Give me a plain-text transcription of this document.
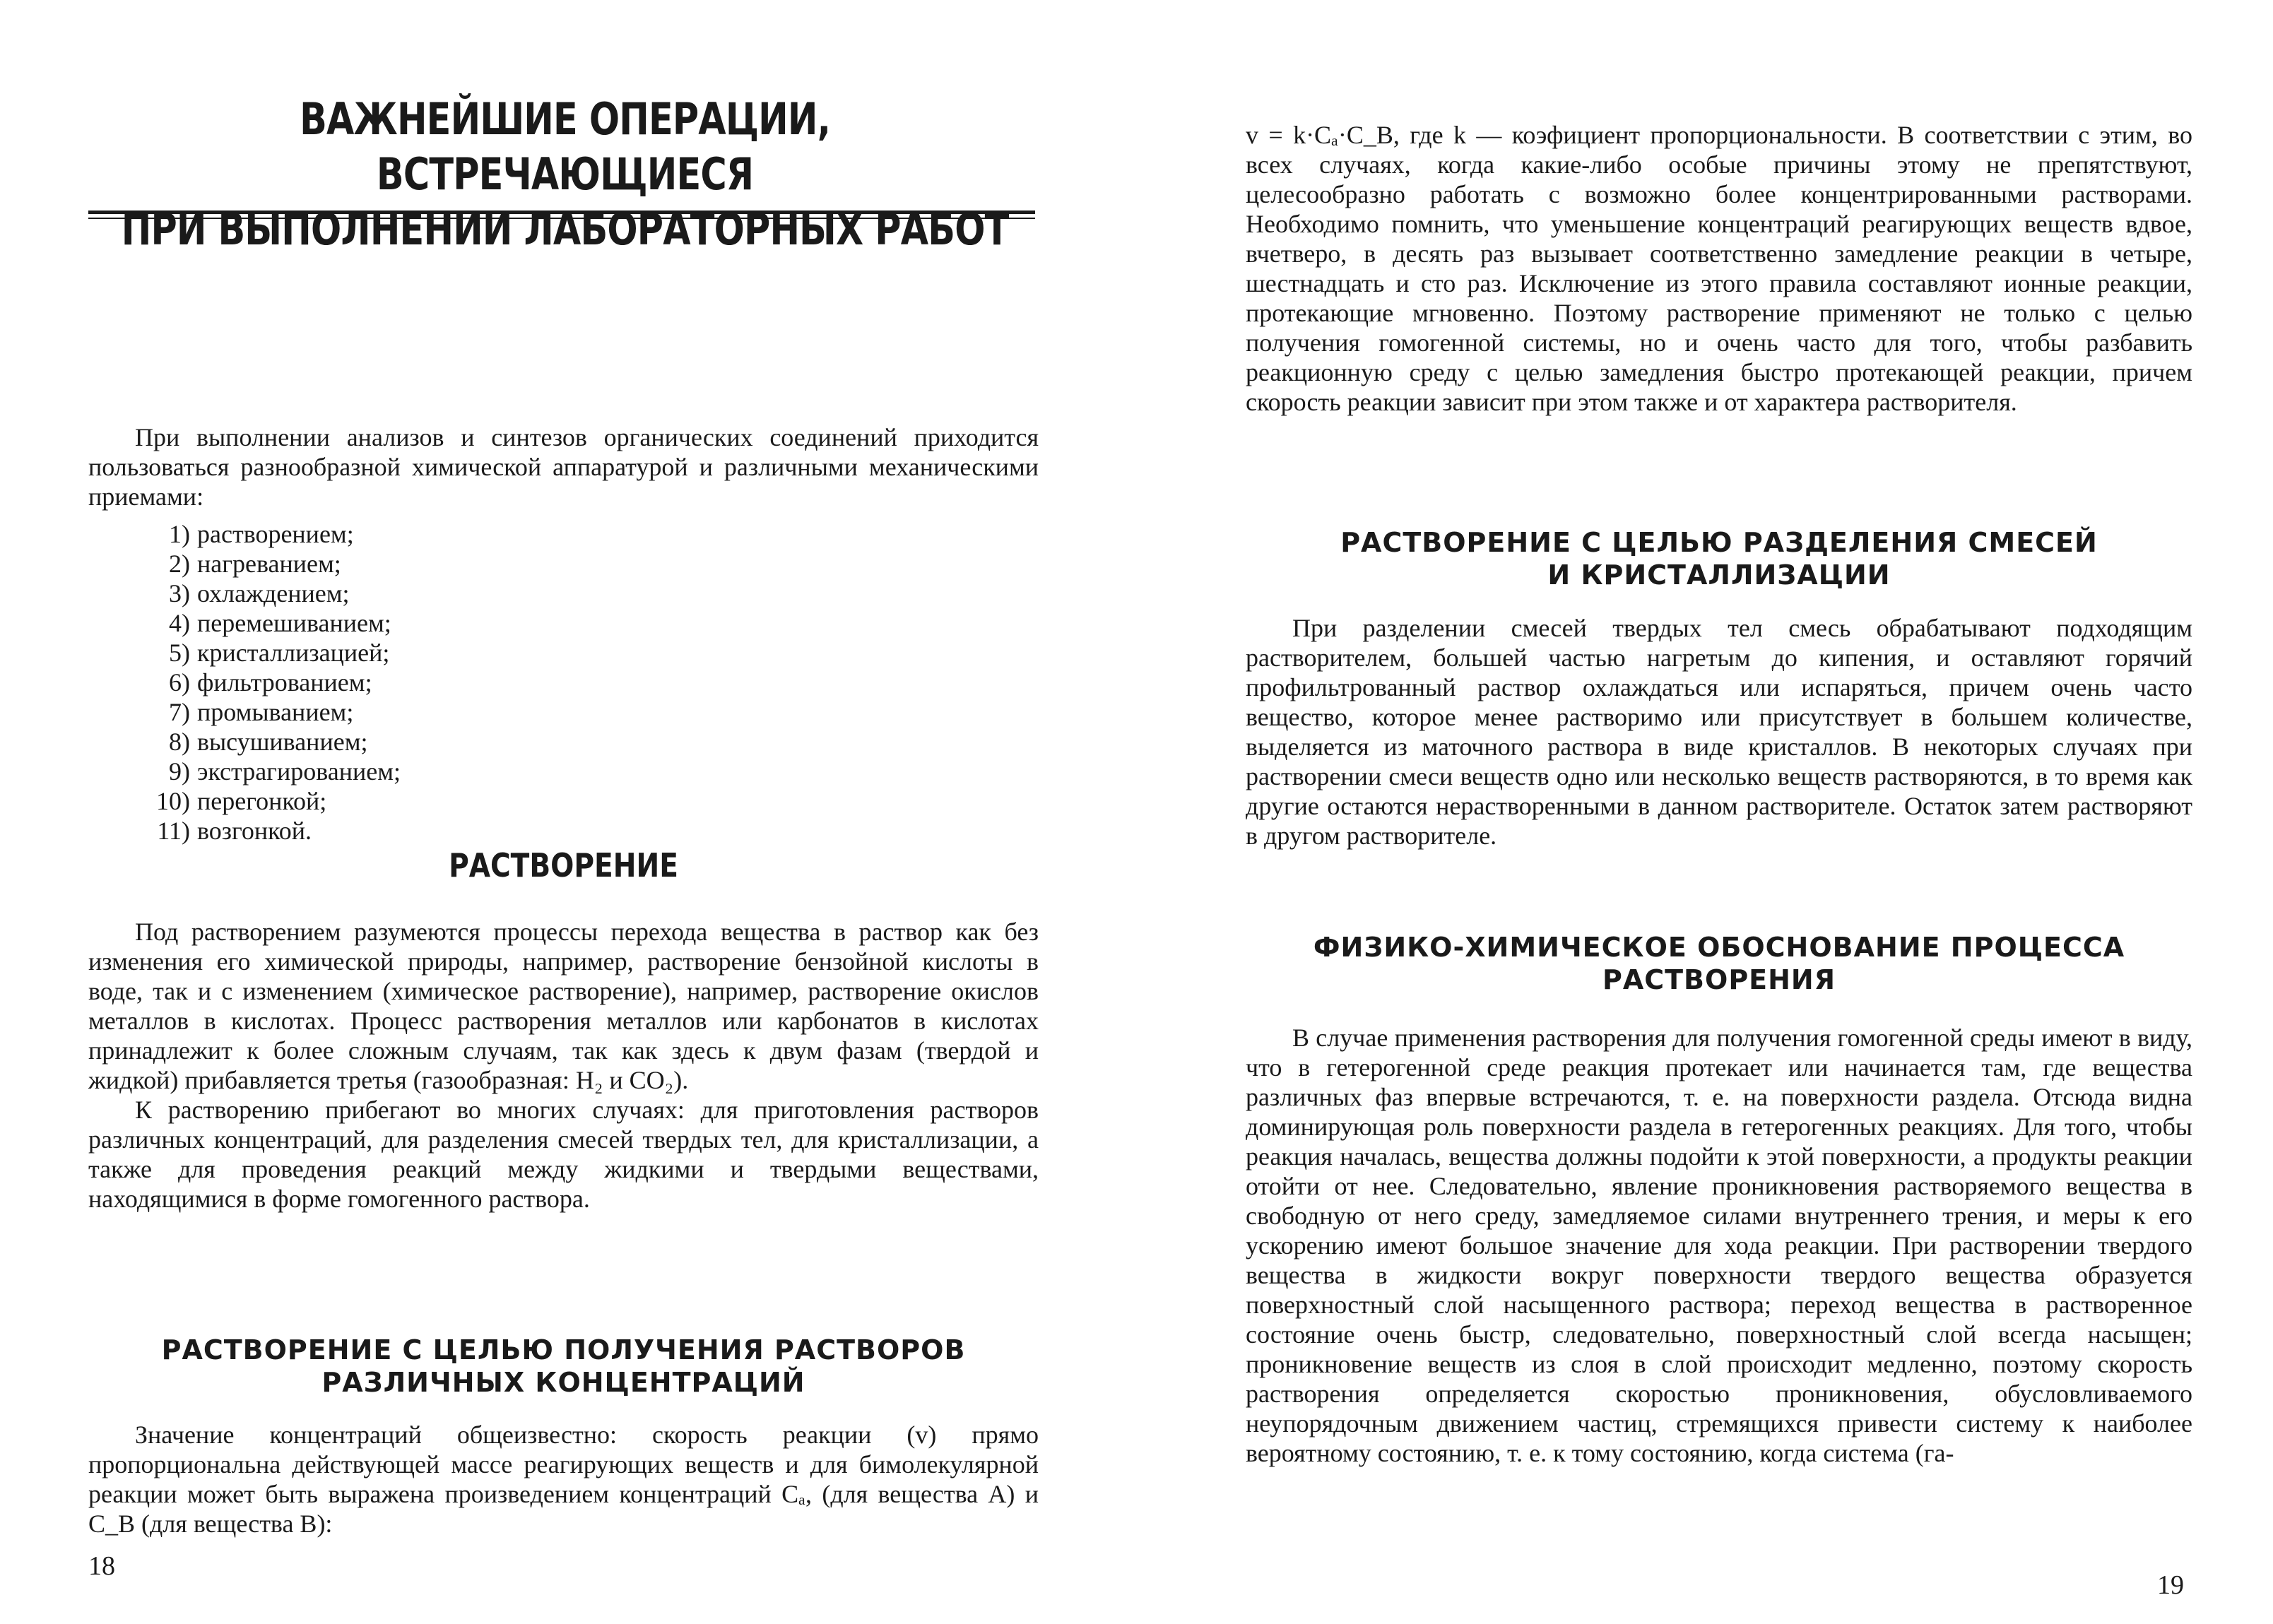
ВАЖНЕЙШИЕ ОПЕРАЦИИ, ВСТРЕЧАЮЩИЕСЯ
ПРИ ВЫПОЛНЕНИИ ЛАБОРАТОРНЫХ РАБОТ

При выполнении анализов и синтезов органических соединений приходится пользоваться разнообразной химической аппаратурой и различными механическими приемами:

1) растворением;
2) нагреванием;
3) охлаждением;
4) перемешиванием;
5) кристаллизацией;
6) фильтрованием;
7) промыванием;
8) высушиванием;
9) экстрагированием;
10) перегонкой;
11) возгонкой.
РАСТВОРЕНИЕ

Под растворением разумеются процессы перехода вещества в раствор как без изменения его химической природы, например, растворение бензойной кислоты в воде, так и с изменением (химическое растворение), например, растворение окислов металлов в кислотах. Процесс растворения металлов или карбонатов в кислотах принадлежит к более сложным случаям, так как здесь к двум фазам (твердой и жидкой) прибавляется третья (газообразная: H₂ и CO₂).

К растворению прибегают во многих случаях: для приготовления растворов различных концентраций, для разделения смесей твердых тел, для кристаллизации, а также для проведения реакций между жидкими и твердыми веществами, находящимися в форме гомогенного раствора.

РАСТВОРЕНИЕ С ЦЕЛЬЮ ПОЛУЧЕНИЯ РАСТВОРОВ
РАЗЛИЧНЫХ КОНЦЕНТРАЦИЙ

Значение концентраций общеизвестно: скорость реакции (v) прямо пропорциональна действующей массе реагирующих веществ и для бимолекулярной реакции может быть выражена произведением концентраций Cₐ, (для вещества A) и C_B (для вещества B):

18

v = k·Cₐ·C_B, где k — коэфициент пропорциональности. В соответствии с этим, во всех случаях, когда какие-либо особые причины этому не препятствуют, целесообразно работать с возможно более концентрированными растворами. Необходимо помнить, что уменьшение концентраций реагирующих веществ вдвое, вчетверо, в десять раз вызывает соответственно замедление реакции в четыре, шестнадцать и сто раз. Исключение из этого правила составляют ионные реакции, протекающие мгновенно. Поэтому растворение применяют не только с целью получения гомогенной системы, но и очень часто для того, чтобы разбавить реакционную среду с целью замедления быстро протекающей реакции, причем скорость реакции зависит при этом также и от характера растворителя.

РАСТВОРЕНИЕ С ЦЕЛЬЮ РАЗДЕЛЕНИЯ СМЕСЕЙ
И КРИСТАЛЛИЗАЦИИ

При разделении смесей твердых тел смесь обрабатывают подходящим растворителем, большей частью нагретым до кипения, и оставляют горячий профильтрованный раствор охлаждаться или испаряться, причем очень часто вещество, которое менее растворимо или присутствует в большем количестве, выделяется из маточного раствора в виде кристаллов. В некоторых случаях при растворении смеси веществ одно или несколько веществ растворяются, в то время как другие остаются нерастворенными в данном растворителе. Остаток затем растворяют в другом растворителе.

ФИЗИКО-ХИМИЧЕСКОЕ ОБОСНОВАНИЕ ПРОЦЕССА
РАСТВОРЕНИЯ

В случае применения растворения для получения гомогенной среды имеют в виду, что в гетерогенной среде реакция протекает или начинается там, где вещества различных фаз впервые встречаются, т. е. на поверхности раздела. Отсюда видна доминирующая роль поверхности раздела в гетерогенных реакциях. Для того, чтобы реакция началась, вещества должны подойти к этой поверхности, а продукты реакции отойти от нее. Следовательно, явление проникновения растворяемого вещества в свободную от него среду, замедляемое силами внутреннего трения, и меры к его ускорению имеют большое значение для хода реакции. При растворении твердого вещества в жидкости вокруг поверхности твердого вещества образуется поверхностный слой насыщенного раствора; переход вещества в растворенное состояние очень быстр, следовательно, поверхностный слой всегда насыщен; проникновение веществ из слоя в слой происходит медленно, поэтому скорость растворения определяется скоростью проникновения, обусловливаемого неупорядочным движением частиц, стремящихся привести систему к наиболее вероятному состоянию, т. е. к тому состоянию, когда система (га-

19
